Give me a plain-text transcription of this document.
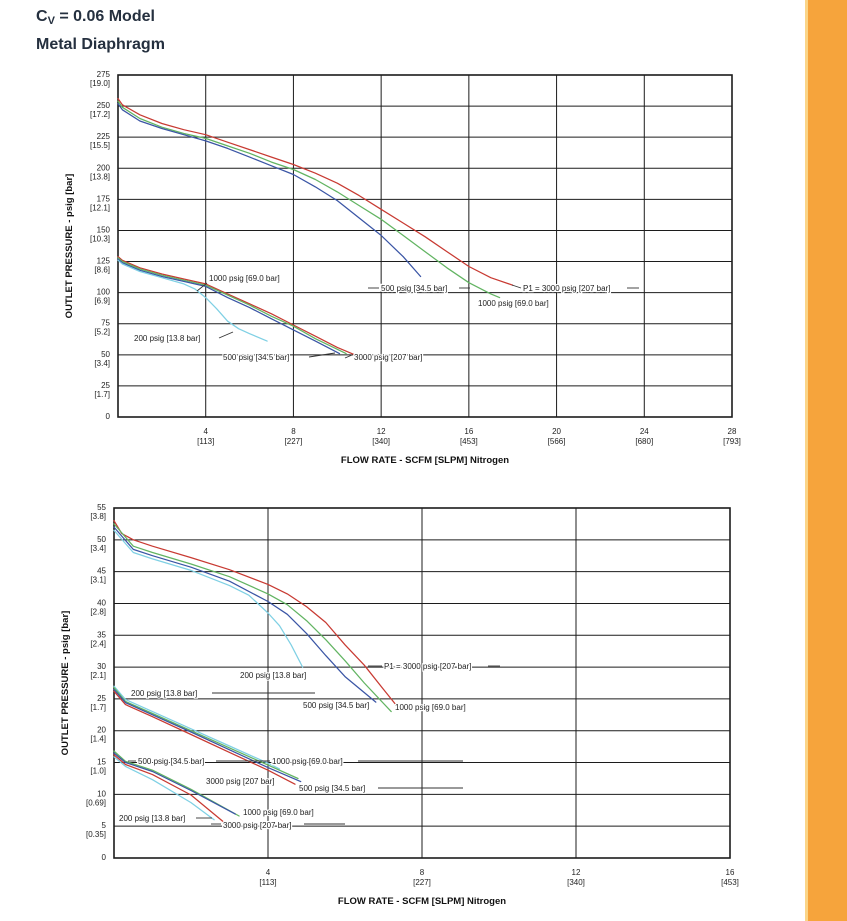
$C_V = 0.06$ Model
Metal Diaphragm
275
[19.0]
250
[17.2]
225
[15.5]
200
[13.8]
175
[12.1]
150
[10.3]
125
[8.6]
100
[6.9]
75
[5.2]
50
[3.4]
25
[1.7]
0
4
[113]
8
[227]
12
[340]
16
[453]
20
[566]
24
[680]
28
[793]
FLOW RATE - SCFM [SLPM] Nitrogen
OUTLET PRESSURE - psig [bar]	1000 psig [69.0 bar]
500 psig [34.5 bar]	P1 = 3000 psig [207 bar]
1000 psig [69.0 bar]
200 psig [13.8 bar]
500 psig [34.5 bar]	3000 psig [207 bar]
55
[3.8]
50
[3.4]
45
[3.1]
40
[2.8]
35
[2.4]
30
[2.1]
25
[1.7]
20
[1.4]
15
[1.0]
10
[0.69]
5
[0.35]
0
4
[113]
8
[227]
12
[340]
16
[453]
FLOW RATE - SCFM [SLPM] Nitrogen
OUTLET PRESSURE - psig [bar]	200 psig [13.8 bar]
P1 = 3000 psig [207 bar]
500 psig [34.5 bar]	1000 psig [69.0 bar]
200 psig [13.8 bar]
500 psig [34.5 bar]	1000 psig [69.0 bar]
3000 psig [207 bar]
500 psig [34.5 bar]
1000 psig [69.0 bar]
3000 psig [207 bar]
200 psig [13.8 bar]
